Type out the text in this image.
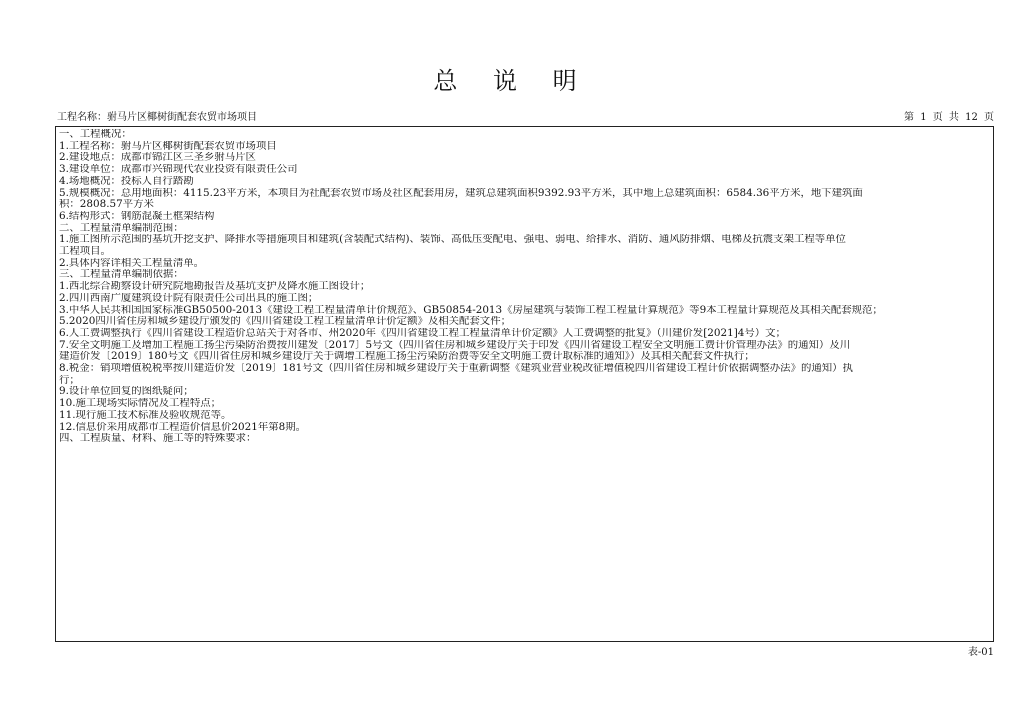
总 说 明
工程名称：驸马片区椰树街配套农贸市场项目	第 1 页 共 12 页
一、工程概况：
1.工程名称：驸马片区椰树街配套农贸市场项目
2.建设地点：成都市锦江区三圣乡驸马片区
3.建设单位：成都市兴锦现代农业投资有限责任公司
4.场地概况：投标人自行踏勘
5.规模概况：总用地面积：4115.23平方米，本项目为社配套农贸市场及社区配套用房，建筑总建筑面积9392.93平方米，其中地上总建筑面积：6584.36平方米，地下建筑面
积：2808.57平方米
6.结构形式：钢筋混凝土框架结构
二、工程量清单编制范围：
1.施工图所示范围的基坑开挖支护、降排水等措施项目和建筑(含装配式结构)、装饰、高低压变配电、强电、弱电、给排水、消防、通风防排烟、电梯及抗震支架工程等单位
工程项目。
2.具体内容详相关工程量清单。
三、工程量清单编制依据：
1.西北综合勘察设计研究院地勘报告及基坑支护及降水施工图设计；
2.四川西南广厦建筑设计院有限责任公司出具的施工图；
3.中华人民共和国国家标准GB50500-2013《建设工程工程量清单计价规范》、GB50854-2013《房屋建筑与装饰工程工程量计算规范》等9本工程量计算规范及其相关配套规范；
5.2020四川省住房和城乡建设厅颁发的《四川省建设工程工程量清单计价定额》及相关配套文件；
6.人工费调整执行《四川省建设工程造价总站关于对各市、州2020年《四川省建设工程工程量清单计价定额》人工费调整的批复》（川建价发[2021]4号）文；
7.安全文明施工及增加工程施工扬尘污染防治费按川建发〔2017〕5号文（四川省住房和城乡建设厅关于印发《四川省建设工程安全文明施工费计价管理办法》的通知）及川
建造价发〔2019〕180号文《四川省住房和城乡建设厅关于调增工程施工扬尘污染防治费等安全文明施工费计取标准的通知》）及其相关配套文件执行；
8.税金：销项增值税税率按川建造价发〔2019〕181号文（四川省住房和城乡建设厅关于重新调整《建筑业营业税改征增值税四川省建设工程计价依据调整办法》的通知）执
行；
9.设计单位回复的图纸疑问；
10.施工现场实际情况及工程特点；
11.现行施工技术标准及验收规范等。
12.信息价采用成都市工程造价信息价2021年第8期。
四、工程质量、材料、施工等的特殊要求：
表-01
